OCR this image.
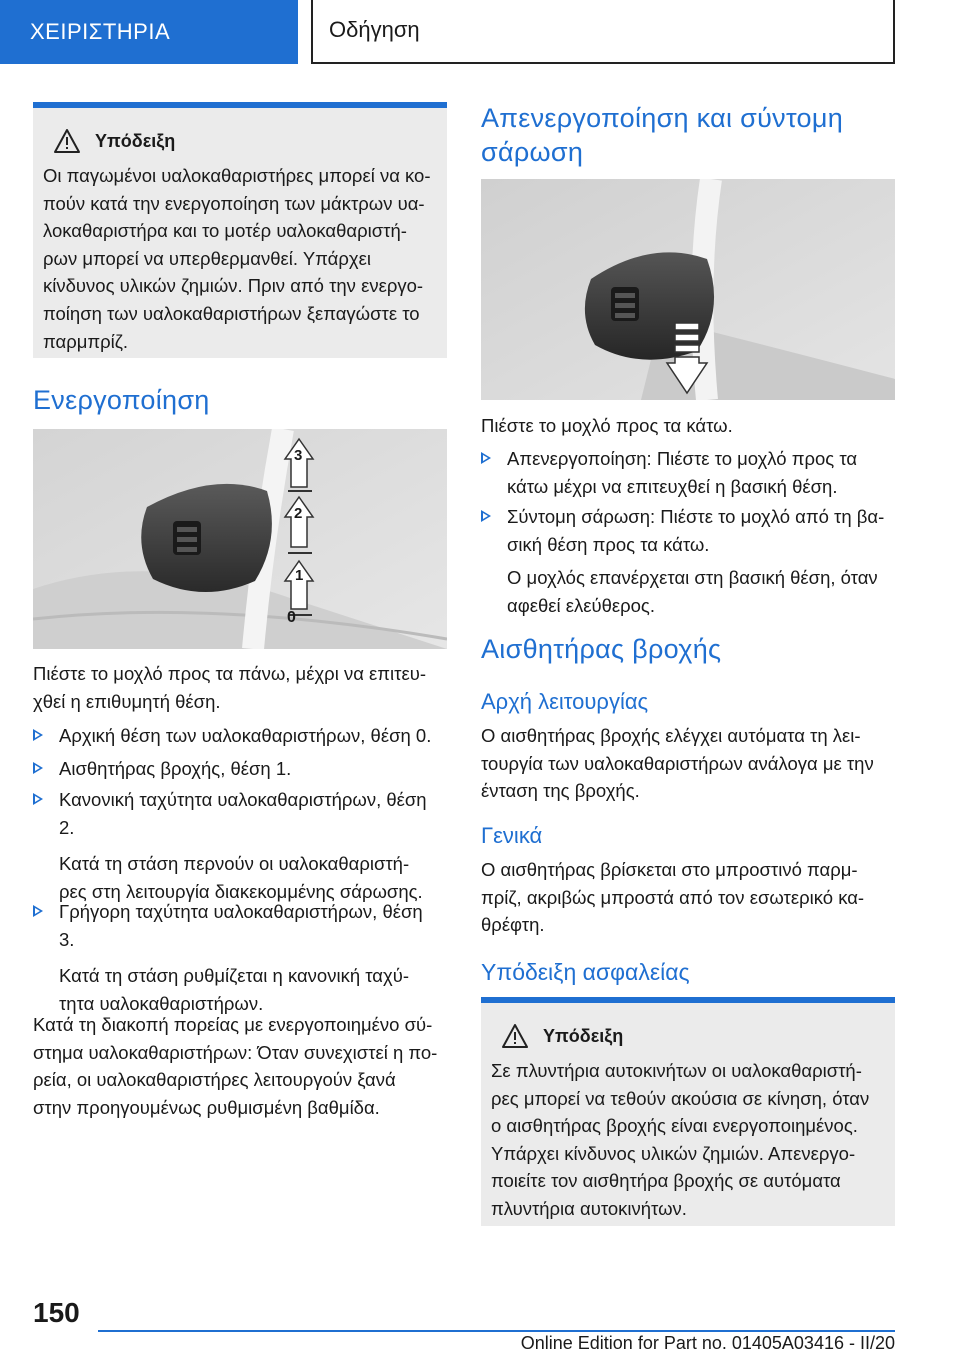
ΧΕΙΡΙΣΤΗΡΙΑ	Οδήγηση
Υπόδειξη
Οι παγωμένοι υαλοκαθαριστήρες μπορεί να κο-
πούν κατά την ενεργοποίηση των μάκτρων υα-
λοκαθαριστήρα και το μοτέρ υαλοκαθαριστή-
ρων μπορεί να υπερθερμανθεί. Υπάρχει
κίνδυνος υλικών ζημιών. Πριν από την ενεργο-
ποίηση των υαλοκαθαριστήρων ξεπαγώστε το
παρμπρίζ.
Ενεργοποίηση
3
2
1
0
Πιέστε το μοχλό προς τα πάνω, μέχρι να επιτευ-
χθεί η επιθυμητή θέση.
Αρχική θέση των υαλοκαθαριστήρων, θέση 0.
Αισθητήρας βροχής, θέση 1.
Κανονική ταχύτητα υαλοκαθαριστήρων, θέση
2.
Κατά τη στάση περνούν οι υαλοκαθαριστή-
ρες στη λειτουργία διακεκομμένης σάρωσης.
Γρήγορη ταχύτητα υαλοκαθαριστήρων, θέση
3.
Κατά τη στάση ρυθμίζεται η κανονική ταχύ-
τητα υαλοκαθαριστήρων.
Κατά τη διακοπή πορείας με ενεργοποιημένο σύ-
στημα υαλοκαθαριστήρων: Όταν συνεχιστεί η πο-
ρεία, οι υαλοκαθαριστήρες λειτουργούν ξανά
στην προηγουμένως ρυθμισμένη βαθμίδα.
Απενεργοποίηση και σύντομη
σάρωση
Πιέστε το μοχλό προς τα κάτω.
Απενεργοποίηση: Πιέστε το μοχλό προς τα
κάτω μέχρι να επιτευχθεί η βασική θέση.
Σύντομη σάρωση: Πιέστε το μοχλό από τη βα-
σική θέση προς τα κάτω.
Ο μοχλός επανέρχεται στη βασική θέση, όταν
αφεθεί ελεύθερος.
Αισθητήρας βροχής
Αρχή λειτουργίας
Ο αισθητήρας βροχής ελέγχει αυτόματα τη λει-
τουργία των υαλοκαθαριστήρων ανάλογα με την
ένταση της βροχής.
Γενικά
Ο αισθητήρας βρίσκεται στο μπροστινό παρμ-
πρίζ, ακριβώς μπροστά από τον εσωτερικό κα-
θρέφτη.
Υπόδειξη ασφαλείας
Υπόδειξη
Σε πλυντήρια αυτοκινήτων οι υαλοκαθαριστή-
ρες μπορεί να τεθούν ακούσια σε κίνηση, όταν
ο αισθητήρας βροχής είναι ενεργοποιημένος.
Υπάρχει κίνδυνος υλικών ζημιών. Απενεργο-
ποιείτε τον αισθητήρα βροχής σε αυτόματα
πλυντήρια αυτοκινήτων.
150
Online Edition for Part no. 01405A03416 - II/20
